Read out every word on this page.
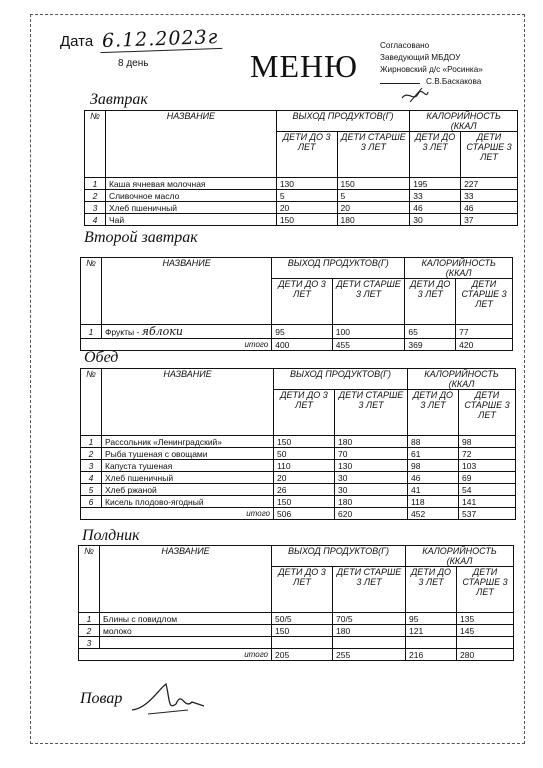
Дата 6.12.2023г
8 день	МЕНЮ
Согласовано
Заведующий МБДОУ
Жирновский д/с «Росинка»
С.В.Баскакова
Завтрак
№	НАЗВАНИЕ	ВЫХОД ПРОДУКТОВ(Г)		КАЛОРИЙНОСТЬ (ККАЛ	
		ДЕТИ ДО 3 ЛЕТ	ДЕТИ СТАРШЕ 3 ЛЕТ	ДЕТИ ДО 3 ЛЕТ	ДЕТИ СТАРШЕ 3 ЛЕТ
1	Каша ячневая молочная	130	150	195	227
2	Сливочное масло	5	5	33	33
3	Хлеб пшеничный	20	20	46	46
4	Чай	150	180	30	37
Второй завтрак
№	НАЗВАНИЕ	ВЫХОД ПРОДУКТОВ(Г)		КАЛОРИЙНОСТЬ (ККАЛ	
		ДЕТИ ДО 3 ЛЕТ	ДЕТИ СТАРШЕ 3 ЛЕТ	ДЕТИ ДО 3 ЛЕТ	ДЕТИ СТАРШЕ 3 ЛЕТ
1	Фрукты - яблоки	95	100	65	77
итого		400	455	369	420
Обед
№	НАЗВАНИЕ	ВЫХОД ПРОДУКТОВ(Г)		КАЛОРИЙНОСТЬ (ККАЛ	
		ДЕТИ ДО 3 ЛЕТ	ДЕТИ СТАРШЕ 3 ЛЕТ	ДЕТИ ДО 3 ЛЕТ	ДЕТИ СТАРШЕ 3 ЛЕТ
1	Рассольник «Ленинградский»	150	180	88	98
2	Рыба тушеная с овощами	50	70	61	72
3	Капуста тушеная	110	130	98	103
4	Хлеб пшеничный	20	30	46	69
5	Хлеб ржаной	26	30	41	54
6	Кисель плодово-ягодный	150	180	118	141
итого		506	620	452	537
Полдник
№	НАЗВАНИЕ	ВЫХОД ПРОДУКТОВ(Г)		КАЛОРИЙНОСТЬ (ККАЛ	
		ДЕТИ ДО 3 ЛЕТ	ДЕТИ СТАРШЕ 3 ЛЕТ	ДЕТИ ДО 3 ЛЕТ	ДЕТИ СТАРШЕ 3 ЛЕТ
1	Блины с повидлом	50/5	70/5	95	135
2	молоко	150	180	121	145
3					
итого		205	255	216	280
Повар
